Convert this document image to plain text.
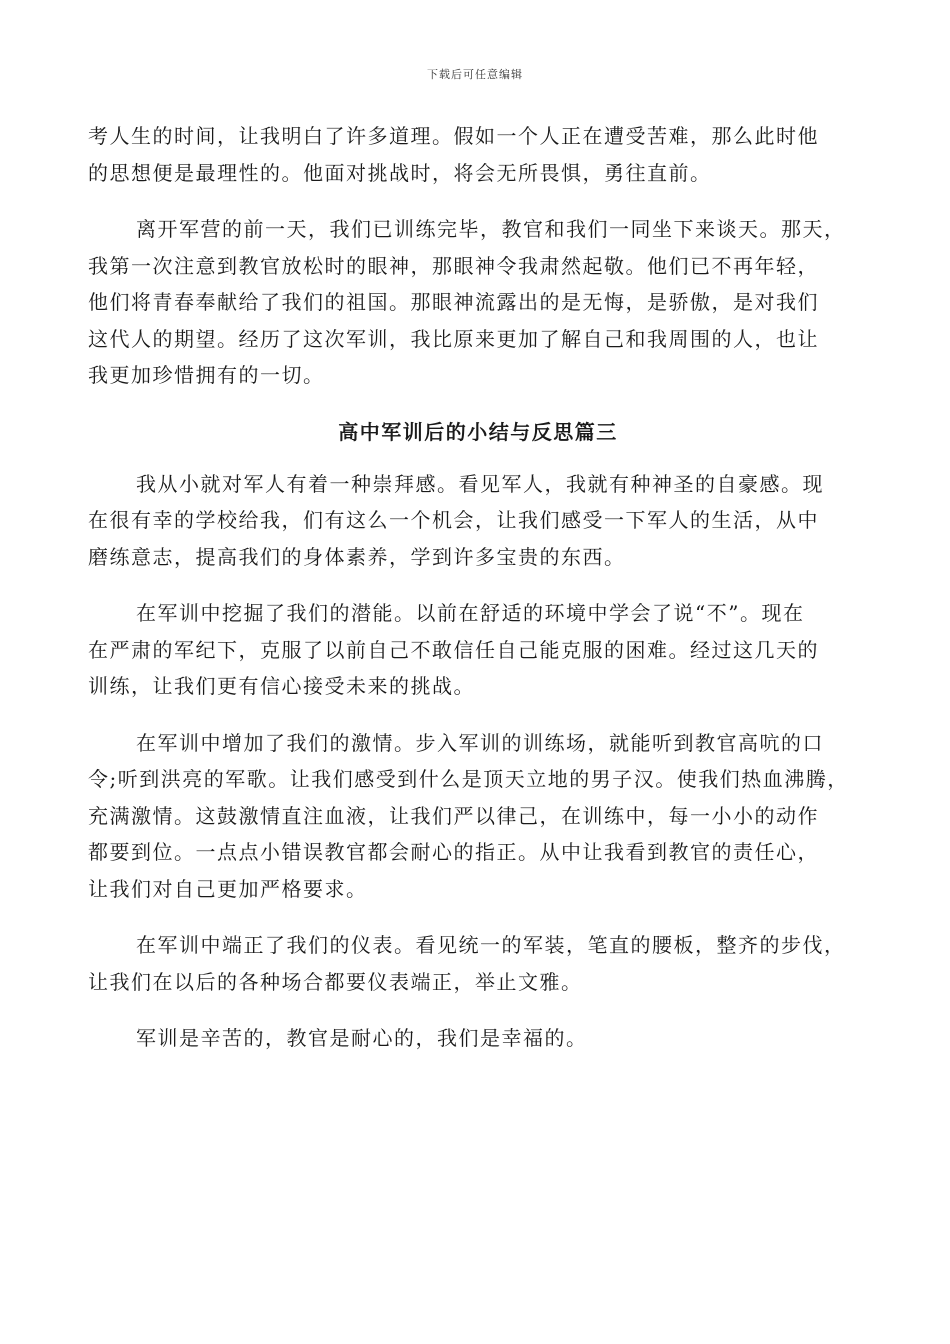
下载后可任意编辑
考人生的时间，让我明白了许多道理。假如一个人正在遭受苦难，那么此时他
的思想便是最理性的。他面对挑战时，将会无所畏惧，勇往直前。
离开军营的前一天，我们已训练完毕，教官和我们一同坐下来谈天。那天，
我第一次注意到教官放松时的眼神，那眼神令我肃然起敬。他们已不再年轻，
他们将青春奉献给了我们的祖国。那眼神流露出的是无悔，是骄傲，是对我们
这代人的期望。经历了这次军训，我比原来更加了解自己和我周围的人，也让
我更加珍惜拥有的一切。
高中军训后的小结与反思篇三
我从小就对军人有着一种崇拜感。看见军人，我就有种神圣的自豪感。现
在很有幸的学校给我，们有这么一个机会，让我们感受一下军人的生活，从中
磨练意志，提高我们的身体素养，学到许多宝贵的东西。
在军训中挖掘了我们的潜能。以前在舒适的环境中学会了说“不”。现在
在严肃的军纪下，克服了以前自己不敢信任自己能克服的困难。经过这几天的
训练，让我们更有信心接受未来的挑战。
在军训中增加了我们的激情。步入军训的训练场，就能听到教官高吭的口
令;听到洪亮的军歌。让我们感受到什么是顶天立地的男子汉。使我们热血沸腾，
充满激情。这鼓激情直注血液，让我们严以律己，在训练中，每一小小的动作
都要到位。一点点小错误教官都会耐心的指正。从中让我看到教官的责任心，
让我们对自己更加严格要求。
在军训中端正了我们的仪表。看见统一的军装，笔直的腰板，整齐的步伐，
让我们在以后的各种场合都要仪表端正，举止文雅。
军训是辛苦的，教官是耐心的，我们是幸福的。
